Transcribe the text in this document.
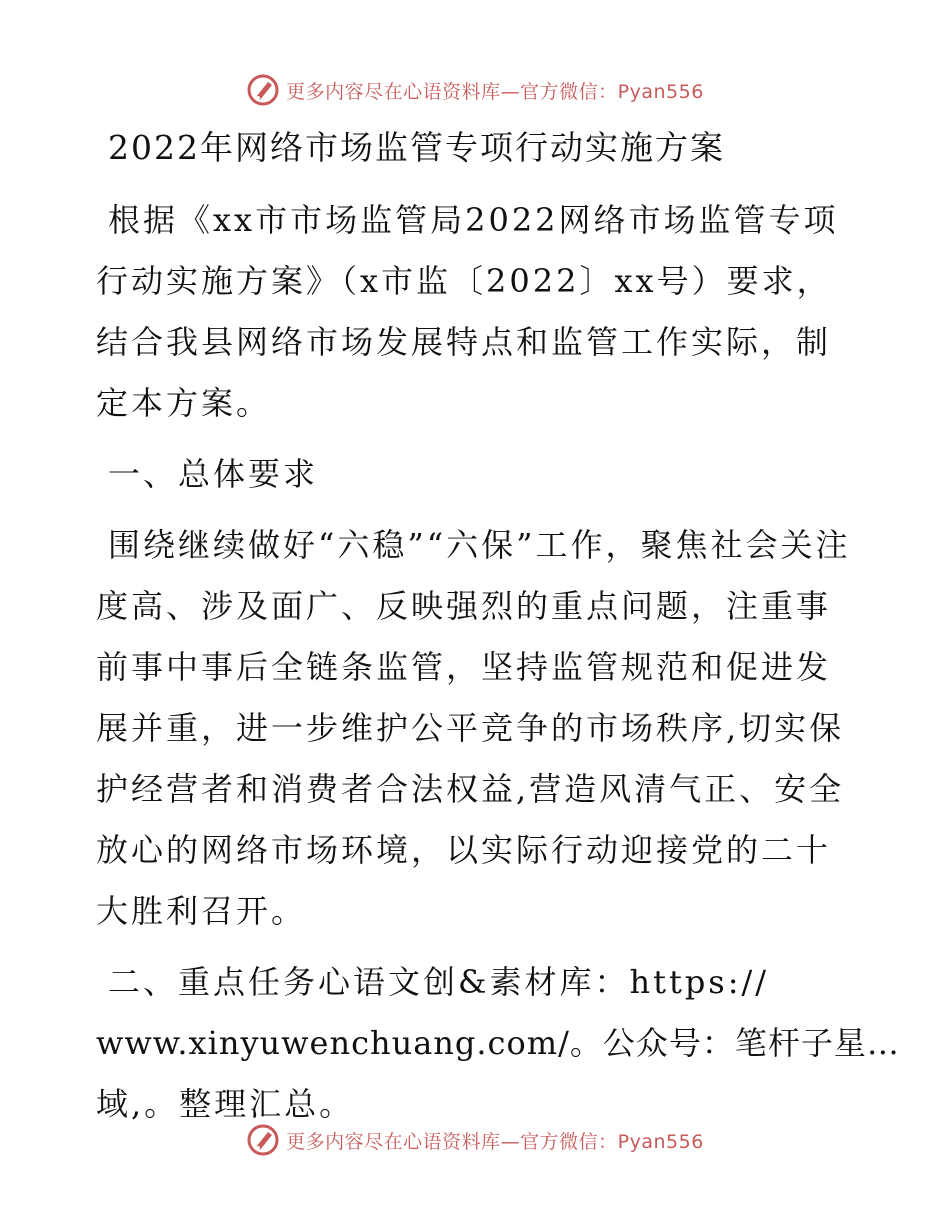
更多内容尽在心语资料库—官方微信：Pyan556
2022年网络市场监管专项行动实施方案

根据《xx市市场监管局2022网络市场监管专项行动实施方案》（x市监〔2022〕xx号）要求，结合我县网络市场发展特点和监管工作实际，制定本方案。

一、总体要求

围绕继续做好“六稳”“六保”工作，聚焦社会关注度高、涉及面广、反映强烈的重点问题，注重事前事中事后全链条监管，坚持监管规范和促进发展并重，进一步维护公平竞争的市场秩序,切实保护经营者和消费者合法权益,营造风清气正、安全放心的网络市场环境，以实际行动迎接党的二十大胜利召开。

二、重点任务心语文创&素材库：https://
www.xinyuwenchuang.com/。公众号：笔杆子星…
域,。整理汇总。
更多内容尽在心语资料库—官方微信：Pyan556
